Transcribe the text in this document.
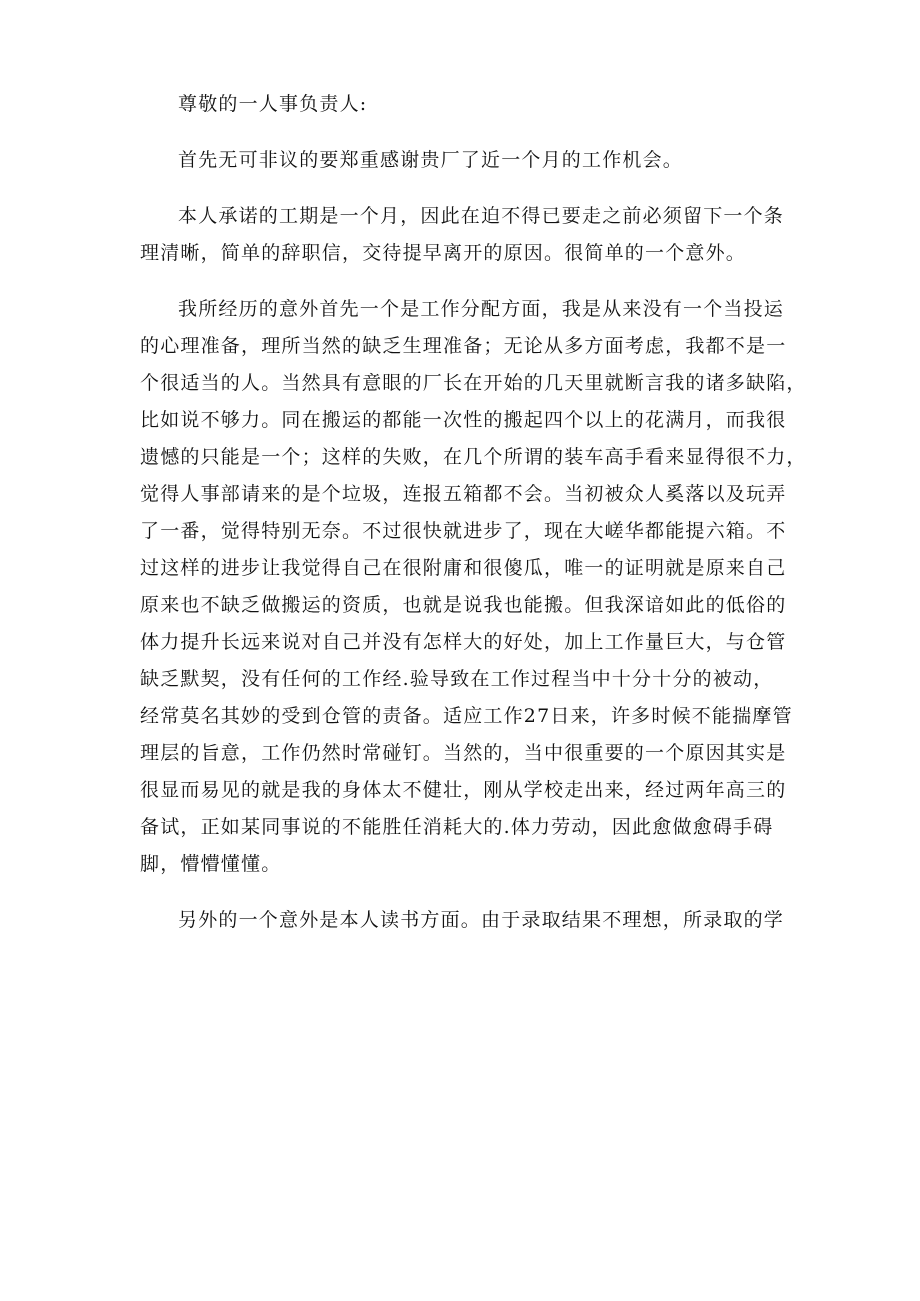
尊敬的一人事负责人:
首先无可非议的要郑重感谢贵厂了近一个月的工作机会。
本人承诺的工期是一个月，因此在迫不得已要走之前必须留下一个条
理清晰，简单的辞职信，交待提早离开的原因。很简单的一个意外。
我所经历的意外首先一个是工作分配方面，我是从来没有一个当投运
的心理准备，理所当然的缺乏生理准备；无论从多方面考虑，我都不是一
个很适当的人。当然具有意眼的厂长在开始的几天里就断言我的诸多缺陷，
比如说不够力。同在搬运的都能一次性的搬起四个以上的花满月，而我很
遗憾的只能是一个；这样的失败，在几个所谓的装车高手看来显得很不力，
觉得人事部请来的是个垃圾，连报五箱都不会。当初被众人奚落以及玩弄
了一番，觉得特别无奈。不过很快就进步了，现在大嵯华都能提六箱。不
过这样的进步让我觉得自己在很附庸和很傻瓜，唯一的证明就是原来自己
原来也不缺乏做搬运的资质，也就是说我也能搬。但我深谙如此的低俗的
体力提升长远来说对自己并没有怎样大的好处，加上工作量巨大，与仓管
缺乏默契，没有任何的工作经.验导致在工作过程当中十分十分的被动，
经常莫名其妙的受到仓管的责备。适应工作27日来，许多时候不能揣摩管
理层的旨意，工作仍然时常碰钉。当然的，当中很重要的一个原因其实是
很显而易见的就是我的身体太不健壮，刚从学校走出来，经过两年高三的
备试，正如某同事说的不能胜任消耗大的.体力劳动，因此愈做愈碍手碍
脚，懵懵懂懂。
另外的一个意外是本人读书方面。由于录取结果不理想，所录取的学
